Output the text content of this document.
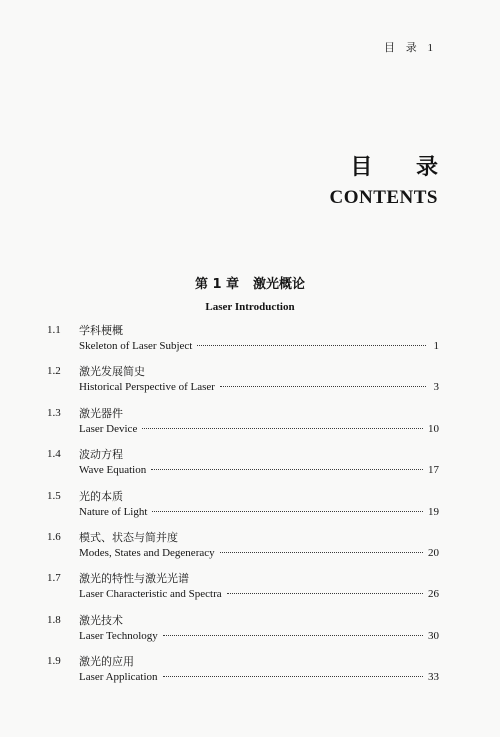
目 录 1
目 录
CONTENTS
第 1 章 激光概论
Laser Introduction
1.1	学科梗概
Skeleton of Laser Subject	1
1.2	激光发展简史
Historical Perspective of Laser	3
1.3	激光器件
Laser Device	10
1.4	波动方程
Wave Equation	17
1.5	光的本质
Nature of Light	19
1.6	模式、状态与简并度
Modes, States and Degeneracy	20
1.7	激光的特性与激光光谱
Laser Characteristic and Spectra	26
1.8	激光技术
Laser Technology	30
1.9	激光的应用
Laser Application	33
